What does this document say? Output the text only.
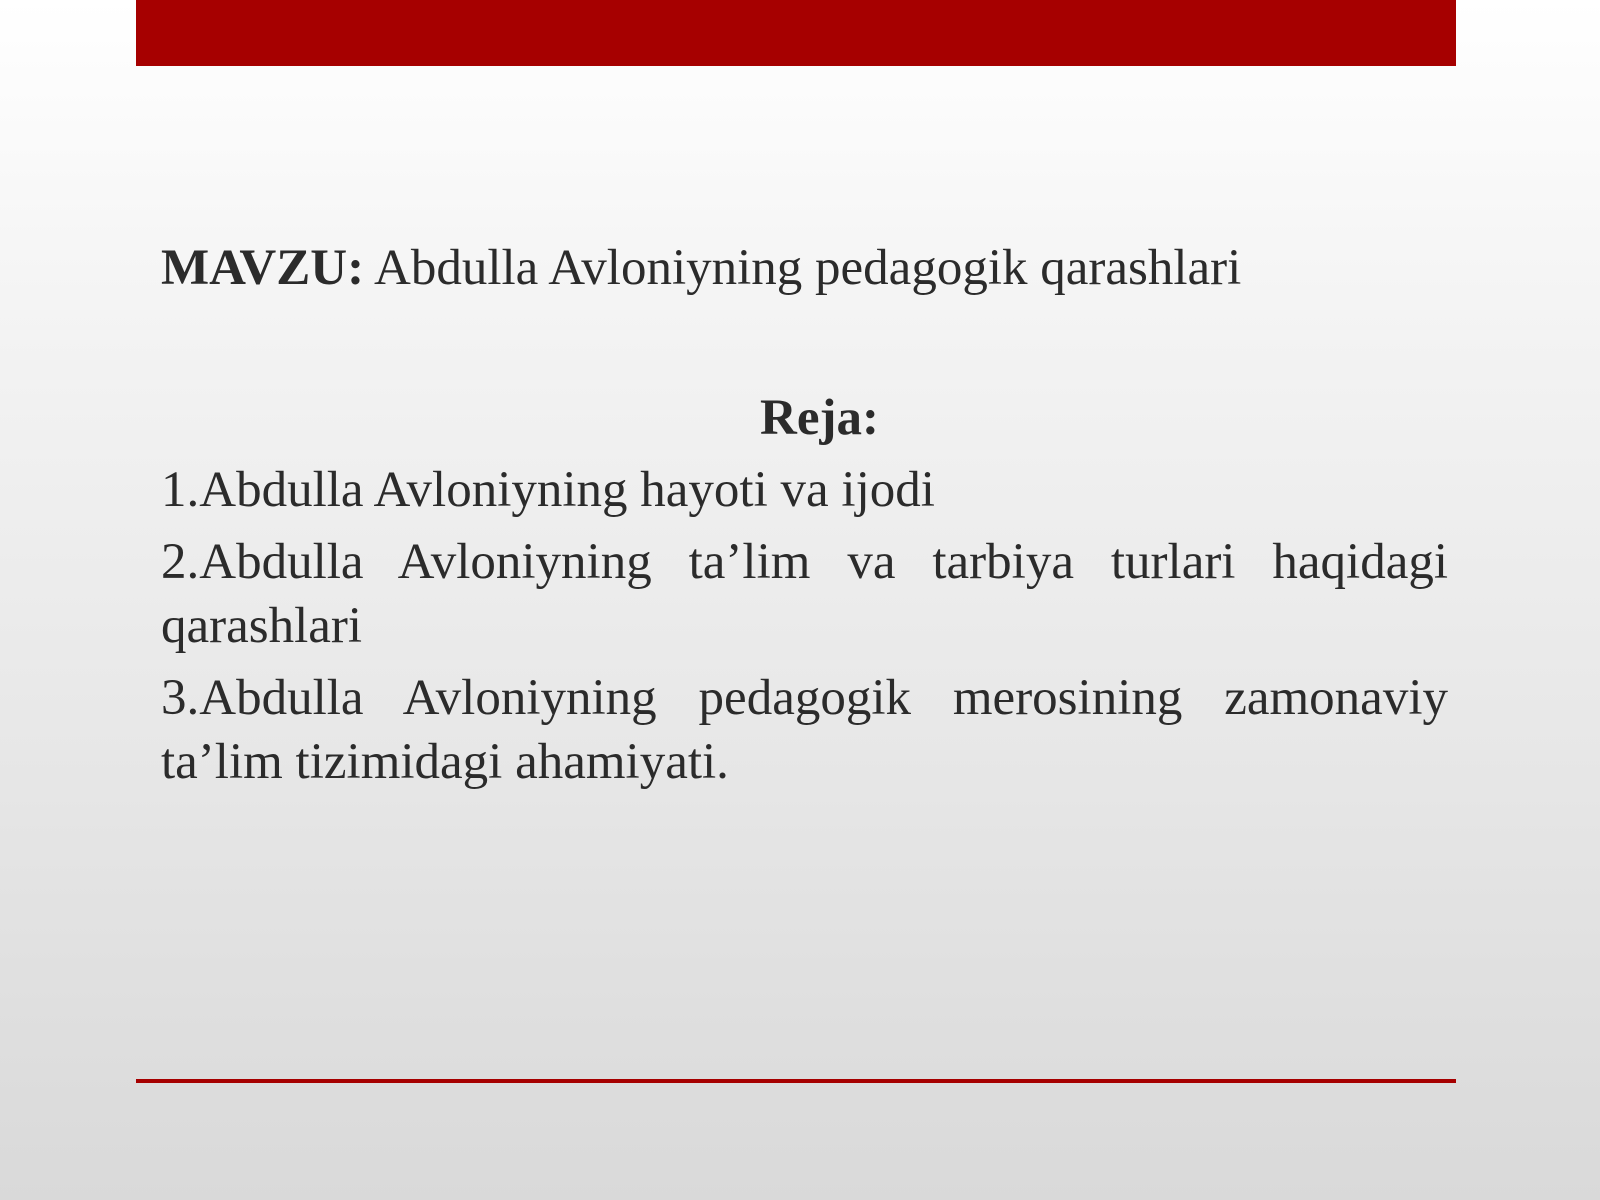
MAVZU: Abdulla Avloniyning pedagogik qarashlari

Reja:

1.Abdulla Avloniyning hayoti va ijodi

2.Abdulla Avloniyning ta’lim va tarbiya turlari haqidagi qarashlari

3.Abdulla Avloniyning pedagogik merosining zamonaviy ta’lim tizimidagi ahamiyati.
